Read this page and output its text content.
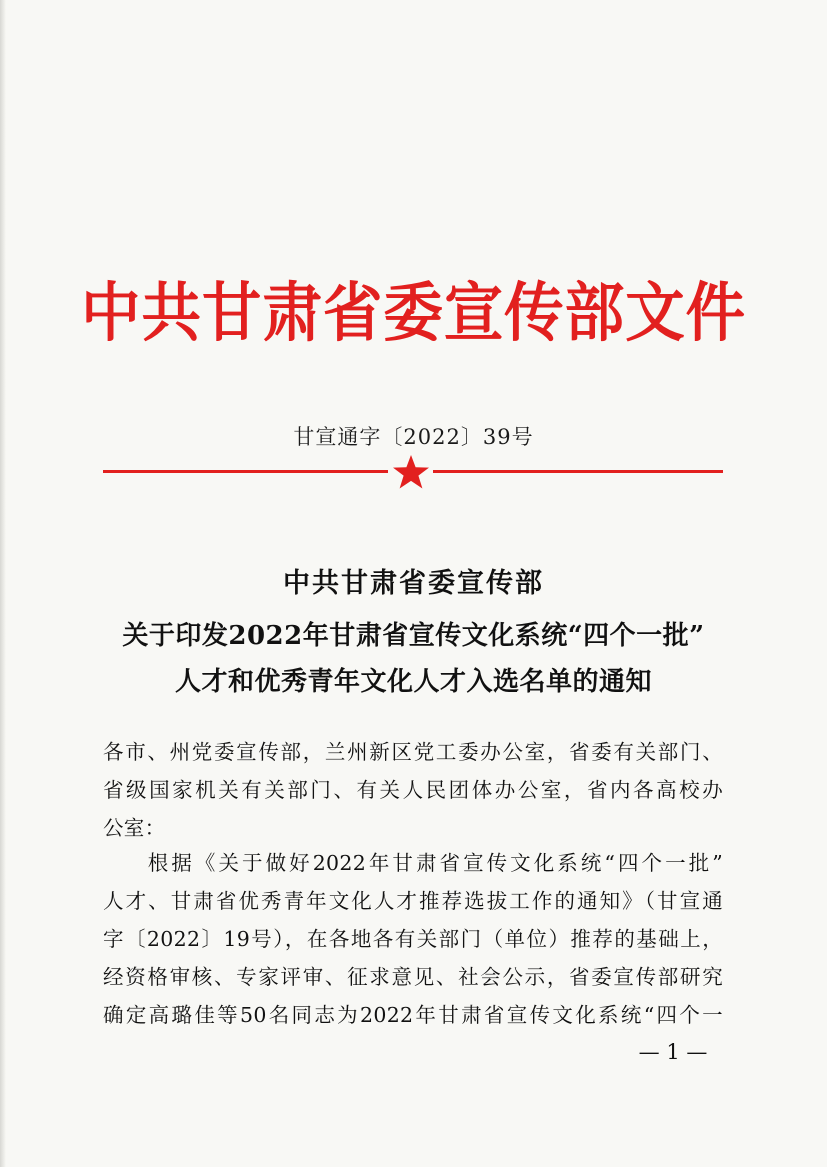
中共甘肃省委宣传部文件
甘宣通字〔2022〕39号
中共甘肃省委宣传部
关于印发2022年甘肃省宣传文化系统“四个一批”
人才和优秀青年文化人才入选名单的通知
各市、州党委宣传部，兰州新区党工委办公室，省委有关部门、
省级国家机关有关部门、有关人民团体办公室，省内各高校办
公室：
根据《关于做好2022年甘肃省宣传文化系统“四个一批”
人才、甘肃省优秀青年文化人才推荐选拔工作的通知》（甘宣通
字〔2022〕19号），在各地各有关部门（单位）推荐的基础上，
经资格审核、专家评审、征求意见、社会公示，省委宣传部研究
确定高璐佳等50名同志为2022年甘肃省宣传文化系统“四个一
— 1 —
